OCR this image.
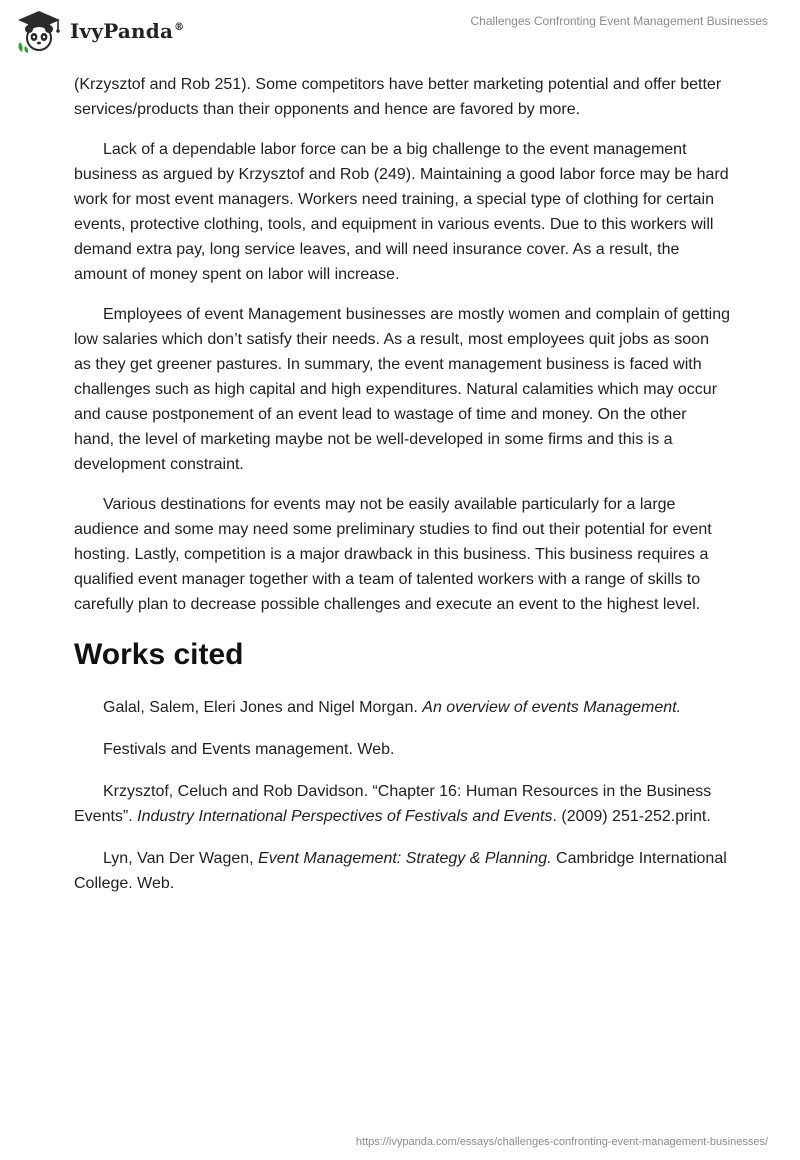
IvyPanda®	Challenges Confronting Event Management Businesses

(Krzysztof and Rob 251). Some competitors have better marketing potential and offer better services/products than their opponents and hence are favored by more.

Lack of a dependable labor force can be a big challenge to the event management business as argued by Krzysztof and Rob (249). Maintaining a good labor force may be hard work for most event managers. Workers need training, a special type of clothing for certain events, protective clothing, tools, and equipment in various events. Due to this workers will demand extra pay, long service leaves, and will need insurance cover. As a result, the amount of money spent on labor will increase.

Employees of event Management businesses are mostly women and complain of getting low salaries which don’t satisfy their needs. As a result, most employees quit jobs as soon as they get greener pastures. In summary, the event management business is faced with challenges such as high capital and high expenditures. Natural calamities which may occur and cause postponement of an event lead to wastage of time and money. On the other hand, the level of marketing maybe not be well-developed in some firms and this is a development constraint.

Various destinations for events may not be easily available particularly for a large audience and some may need some preliminary studies to find out their potential for event hosting. Lastly, competition is a major drawback in this business. This business requires a qualified event manager together with a team of talented workers with a range of skills to carefully plan to decrease possible challenges and execute an event to the highest level.

Works cited

Galal, Salem, Eleri Jones and Nigel Morgan. An overview of events Management.

Festivals and Events management. Web.

Krzysztof, Celuch and Rob Davidson. “Chapter 16: Human Resources in the Business Events”. Industry International Perspectives of Festivals and Events. (2009) 251-252.print.

Lyn, Van Der Wagen, Event Management: Strategy & Planning. Cambridge International College. Web.

https://ivypanda.com/essays/challenges-confronting-event-management-businesses/
